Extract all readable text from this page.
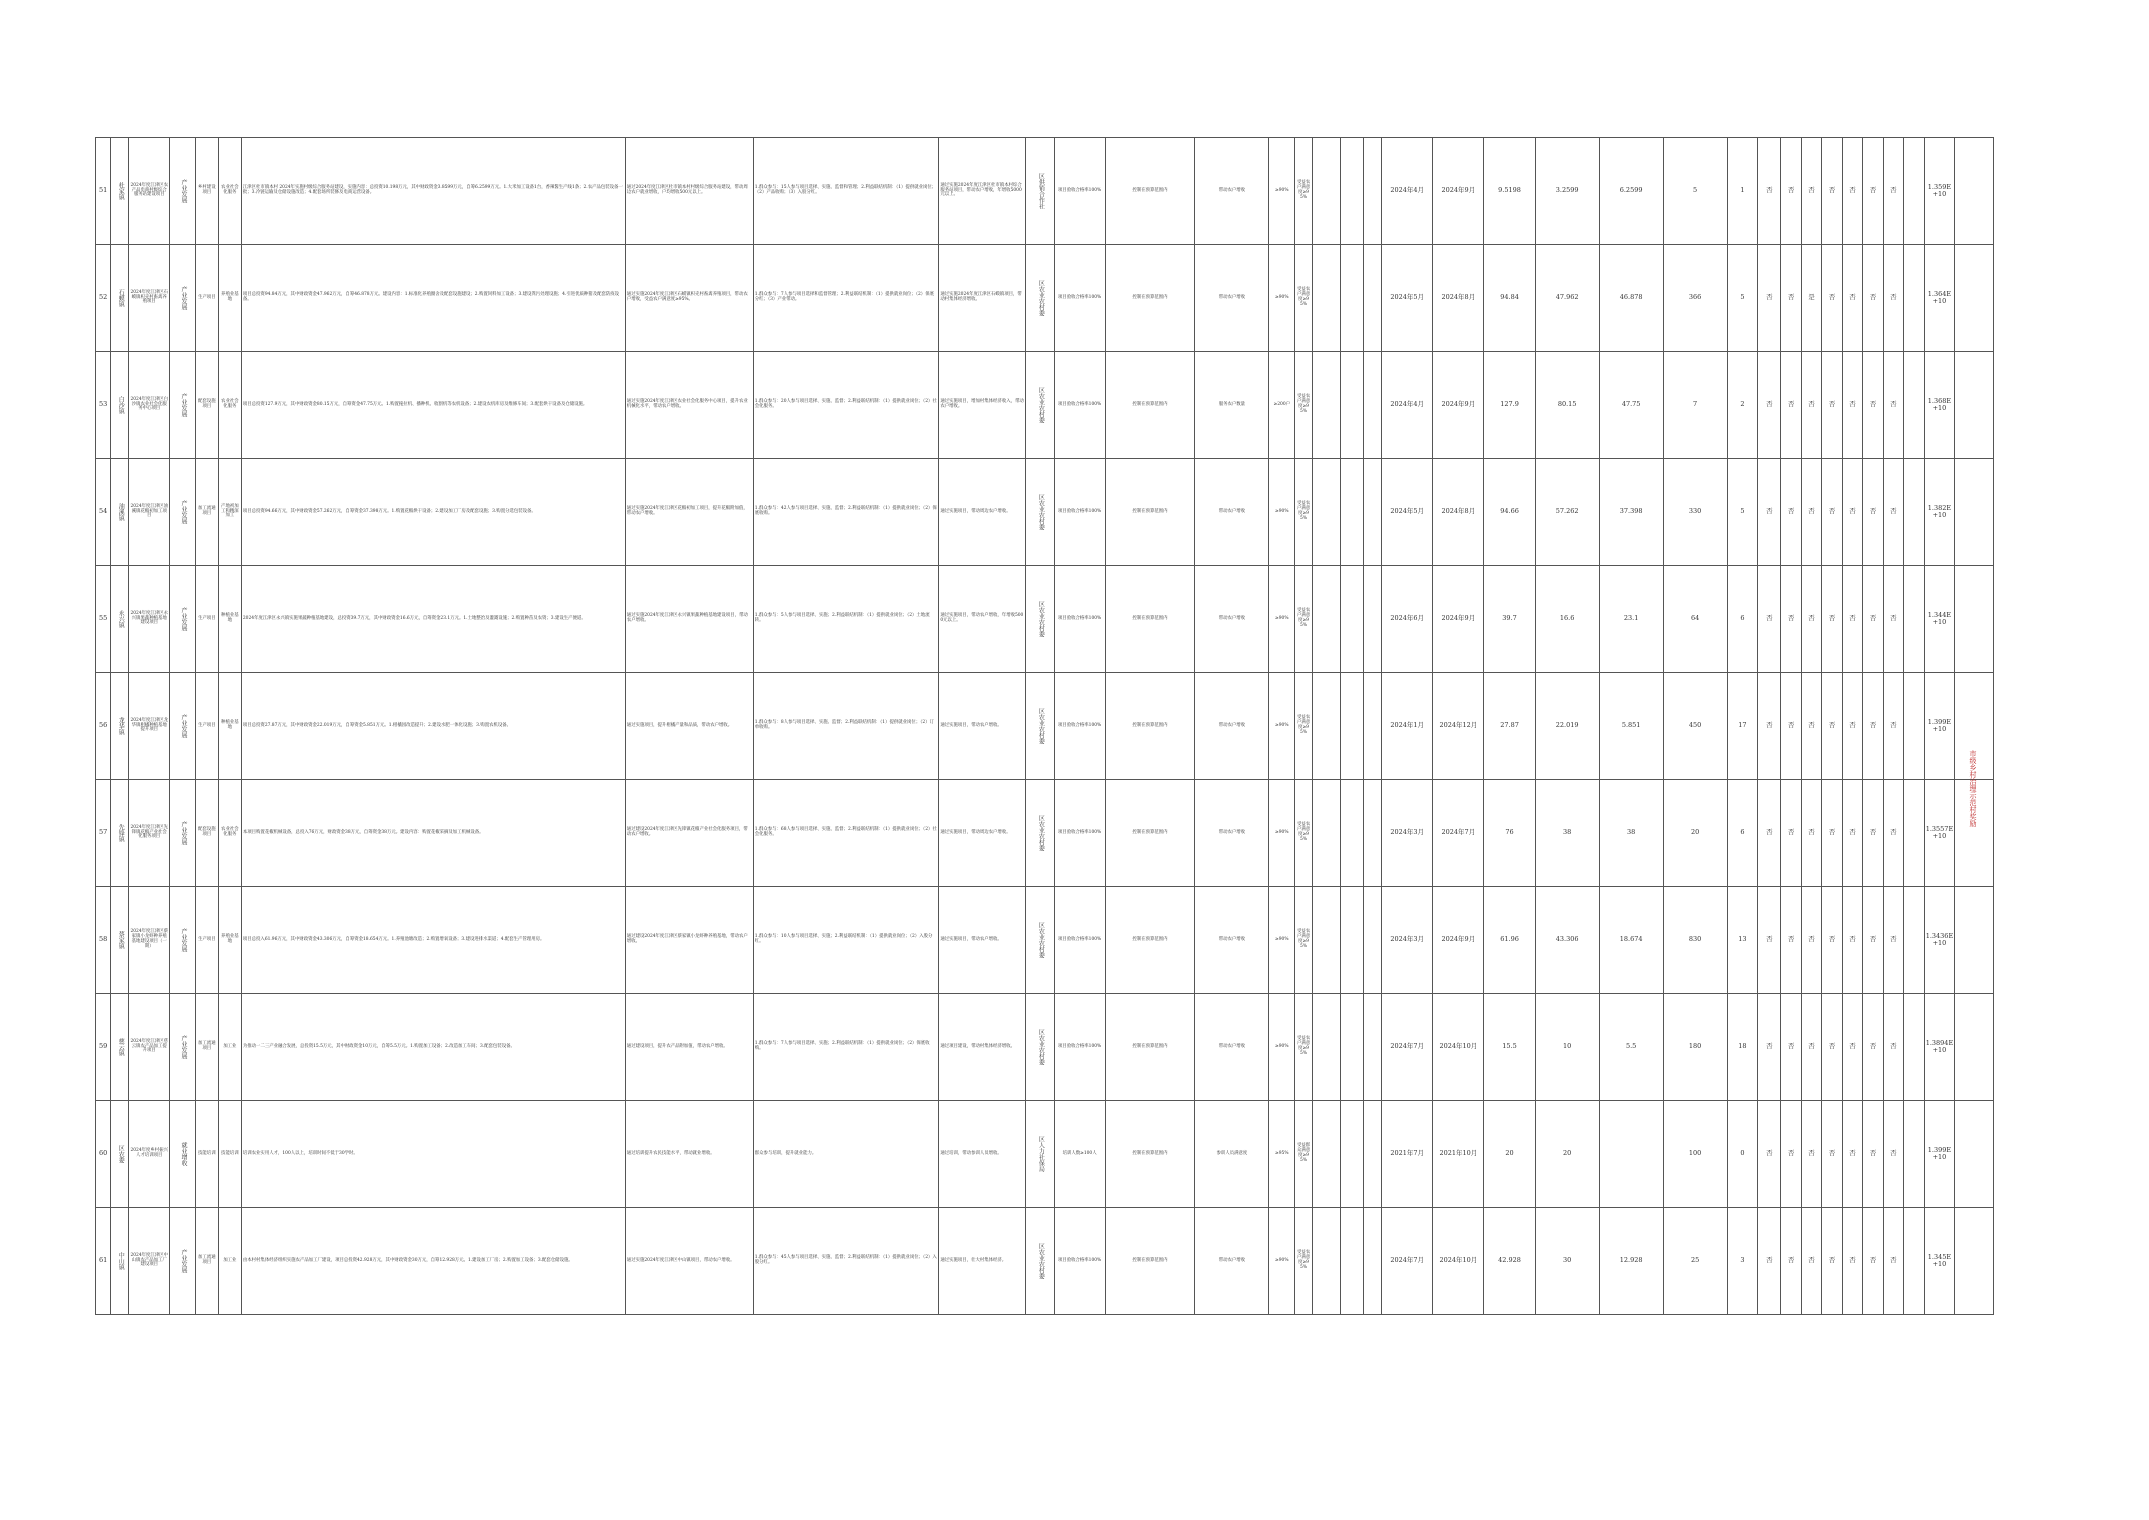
51	杜家镇	2024年度江津区农产品电商村级综合服务站建设项目	产业发展	乡村建设项目	农业社会化服务	江津区杜市镇本村 2024年实施村级综合服务站建设，实施内容：总投资10.198万元，其中财政资金3.8599万元，自筹6.2599万元。1.大米加工设备1台，香辣酱生产线1条；2.农产品包装设备一批；3.冷链运输及仓储设施改造；4.配套场所装修及电商运营设备。	通过2024年度江津区杜市镇本村村级综合服务站建设，带动周边农户就业增收，户均增收500元以上。	1.群众参与：15人参与项目选择、实施、监督和管理；2.利益联结机制：（1）提供就业岗位；（2）产品收购；（3）入股分红。	通过实施2024年度江津区杜市镇本村综合服务站项目，带动农户增收，年增收5000元以上。	区供销合作社	项目验收合格率100%	控制在预算范围内	带动农户增收	≥90%	受益农户满意度≥95%				2024年4月	2024年9月	9.5198	3.2599	6.2599	5	1	否	否	否	否	否	否	否		1.359E+10	
52	石蟆镇	2024年度江津区石蟆镇枳壳村畜禽养殖项目	产业发展	生产项目	养殖业基地	项目总投资94.84万元，其中财政资金47.962万元，自筹46.878万元。建设内容：1.标准化养殖圈舍及配套设施建设；2.购置饲料加工设备；3.建设粪污处理设施；4.引进优质种猪及配套防疫设备。	通过实施2024年度江津区石蟆镇枳壳村畜禽养殖项目，带动农户增收，受益农户满意度≥95%。	1.群众参与：7人参与项目选择和监督管理；2.利益联结机制：（1）提供就业岗位；（2）保底分红；（3）产业带动。	通过实施2024年度江津区石蟆镇项目，带动村集体经济增收。	区农业农村委	项目验收合格率100%	控制在预算范围内	带动农户增收	≥90%	受益农户满意度≥95%				2024年5月	2024年8月	94.84	47.962	46.878	366	5	否	否	是	否	否	否	否		1.364E+10	
53	白沙镇	2024年度江津区白沙镇农业社会化服务中心项目	产业发展	配套设施项目	农业社会化服务	项目总投资127.9万元，其中财政资金80.15万元，自筹资金47.75万元。1.购置拖拉机、播种机、收割机等农机设备；2.建设农机库房及维修车间；3.配套烘干设备及仓储设施。	通过实施2024年度江津区农业社会化服务中心项目，提升农业机械化水平，带动农户增收。	1.群众参与：20人参与项目选择、实施、监督；2.利益联结机制：（1）提供就业岗位；（2）社会化服务。	通过实施项目，增加村集体经济收入，带动农户增收。	区农业农村委	项目验收合格率100%	控制在预算范围内	服务农户数量	≥200户	受益农户满意度≥95%				2024年4月	2024年9月	127.9	80.15	47.75	7	2	否	否	否	否	否	否	否		1.368E+10	
54	油溪镇	2024年度江津区油溪镇花椒初加工项目	产业发展	加工流通项目	产地初加工和精深加工	项目总投资94.66万元，其中财政资金57.262万元，自筹资金37.398万元。1.购置花椒烘干设备；2.建设加工厂房及配套设施；3.购置分选包装设备。	通过实施2024年度江津区花椒初加工项目，提升花椒附加值，带动农户增收。	1.群众参与：42人参与项目选择、实施、监督；2.利益联结机制：（1）提供就业岗位；（2）保底收购。	通过实施项目，带动周边农户增收。	区农业农村委	项目验收合格率100%	控制在预算范围内	带动农户增收	≥90%	受益农户满意度≥95%				2024年5月	2024年8月	94.66	57.262	37.398	330	5	否	否	否	否	否	否	否		1.382E+10	
55	永兴镇	2024年度江津区永兴镇果蔬种植基地建设项目	产业发展	生产项目	种植业基地	2024年度江津区永兴镇实施果蔬种植基地建设，总投资39.7万元，其中财政资金16.6万元，自筹资金23.1万元。1.土地整治及灌溉设施；2.购置种苗及农资；3.建设生产便道。	通过实施2024年度江津区永兴镇果蔬种植基地建设项目，带动农户增收。	1.群众参与：5人参与项目选择、实施；2.利益联结机制：（1）提供就业岗位；（2）土地流转。	通过实施项目，带动农户增收，年增收5000元以上。	区农业农村委	项目验收合格率100%	控制在预算范围内	带动农户增收	≥90%	受益农户满意度≥95%				2024年6月	2024年9月	39.7	16.6	23.1	64	6	否	否	否	否	否	否	否		1.344E+10	
56	龙华镇	2024年度江津区龙华镇柑橘种植基地提升项目	产业发展	生产项目	种植业基地	项目总投资27.87万元，其中财政资金22.019万元，自筹资金5.851万元。1.柑橘园改造提升；2.建设水肥一体化设施；3.购置农机设备。	通过实施项目，提升柑橘产量和品质，带动农户增收。	1.群众参与：8人参与项目选择、实施、监督；2.利益联结机制：（1）提供就业岗位；（2）订单收购。	通过实施项目，带动农户增收。	区农业农村委	项目验收合格率100%	控制在预算范围内	带动农户增收	≥90%	受益农户满意度≥95%				2024年1月	2024年12月	27.87	22.019	5.851	450	17	否	否	否	否	否	否	否		1.399E+10	
57	先锋镇	2024年度江津区先锋镇花椒产业社会化服务项目	产业发展	配套设施项目	农业社会化服务	本项目购置花椒机械设备，总投入76万元，财政资金38万元，自筹资金38万元。建设内容：购置花椒采摘及加工机械设备。	通过建设2024年度江津区先锋镇花椒产业社会化服务项目，带动农户增收。	1.群众参与：68人参与项目选择、实施、监督；2.利益联结机制：（1）提供就业岗位；（2）社会化服务。	通过实施项目，带动周边农户增收。	区农业农村委	项目验收合格率100%	控制在预算范围内	带动农户增收	≥90%	受益农户满意度≥95%				2024年3月	2024年7月	76	38	38	20	6	否	否	否	否	否	否	否		1.3557E+10	
58	蔡家镇	2024年度江津区蔡家镇小龙虾种养殖基地建设项目（一期）	产业发展	生产项目	养殖业基地	项目总投入61.96万元，其中财政资金43.306万元，自筹资金18.654万元。1.养殖池塘改造；2.购置增氧设备；3.建设进排水渠道；4.配套生产管理用房。	通过建设2024年度江津区蔡家镇小龙虾种养殖基地，带动农户增收。	1.群众参与：10人参与项目选择、实施；2.利益联结机制：（1）提供就业岗位；（2）入股分红。	通过实施项目，带动农户增收。	区农业农村委	项目验收合格率100%	控制在预算范围内	带动农户增收	≥90%	受益农户满意度≥95%				2024年3月	2024年9月	61.96	43.306	18.674	830	13	否	否	否	否	否	否	否		1.3436E+10	
59	慈云镇	2024年度江津区慈云镇农产品加工提升项目	产业发展	加工流通项目	加工业	为推动一二三产业融合发展，总投资15.5万元，其中财政资金10万元，自筹5.5万元。1.购置加工设备；2.改造加工车间；3.配套包装设备。	通过建设项目，提升农产品附加值，带动农户增收。	1.群众参与：7人参与项目选择、实施；2.利益联结机制：（1）提供就业岗位；（2）保底收购。	通过项目建设，带动村集体经济增收。	区农业农村委	项目验收合格率100%	控制在预算范围内	带动农户增收	≥90%	受益农户满意度≥95%				2024年7月	2024年10月	15.5	10	5.5	180	18	否	否	否	否	否	否	否		1.3894E+10	
60	区农委	2024年度乡村振兴人才培训项目	就业增收	技能培训	技能培训	培训农业实用人才，100人以上，培训时间不低于30学时。	通过培训提升农民技能水平，带动就业增收。	群众参与培训，提升就业能力。	通过培训，带动参训人员增收。	区人力社保局	培训人数≥100人	控制在预算范围内	参训人员满意度	≥95%	受益群众满意度≥95%				2021年7月	2021年10月	20	20		100	0	否	否	否	否	否	否	否		1.399E+10	
61	中山镇	2024年度江津区中山镇农产品加工厂建设项目	产业发展	加工流通项目	加工业	由本村村集体经济组织实施农产品加工厂建设，项目总投资42.928万元，其中财政资金30万元，自筹12.928万元。1.建设加工厂房；2.购置加工设备；3.配套仓储设施。	通过实施2024年度江津区中山镇项目，带动农户增收。	1.群众参与：45人参与项目选择、实施、监督；2.利益联结机制：（1）提供就业岗位；（2）入股分红。	通过实施项目，壮大村集体经济。	区农业农村委	项目验收合格率100%	控制在预算范围内	带动农户增收	≥90%	受益农户满意度≥95%				2024年7月	2024年10月	42.928	30	12.928	25	3	否	否	否	否	否	否	否		1.345E+10	
市级乡村治理示范村奖励
